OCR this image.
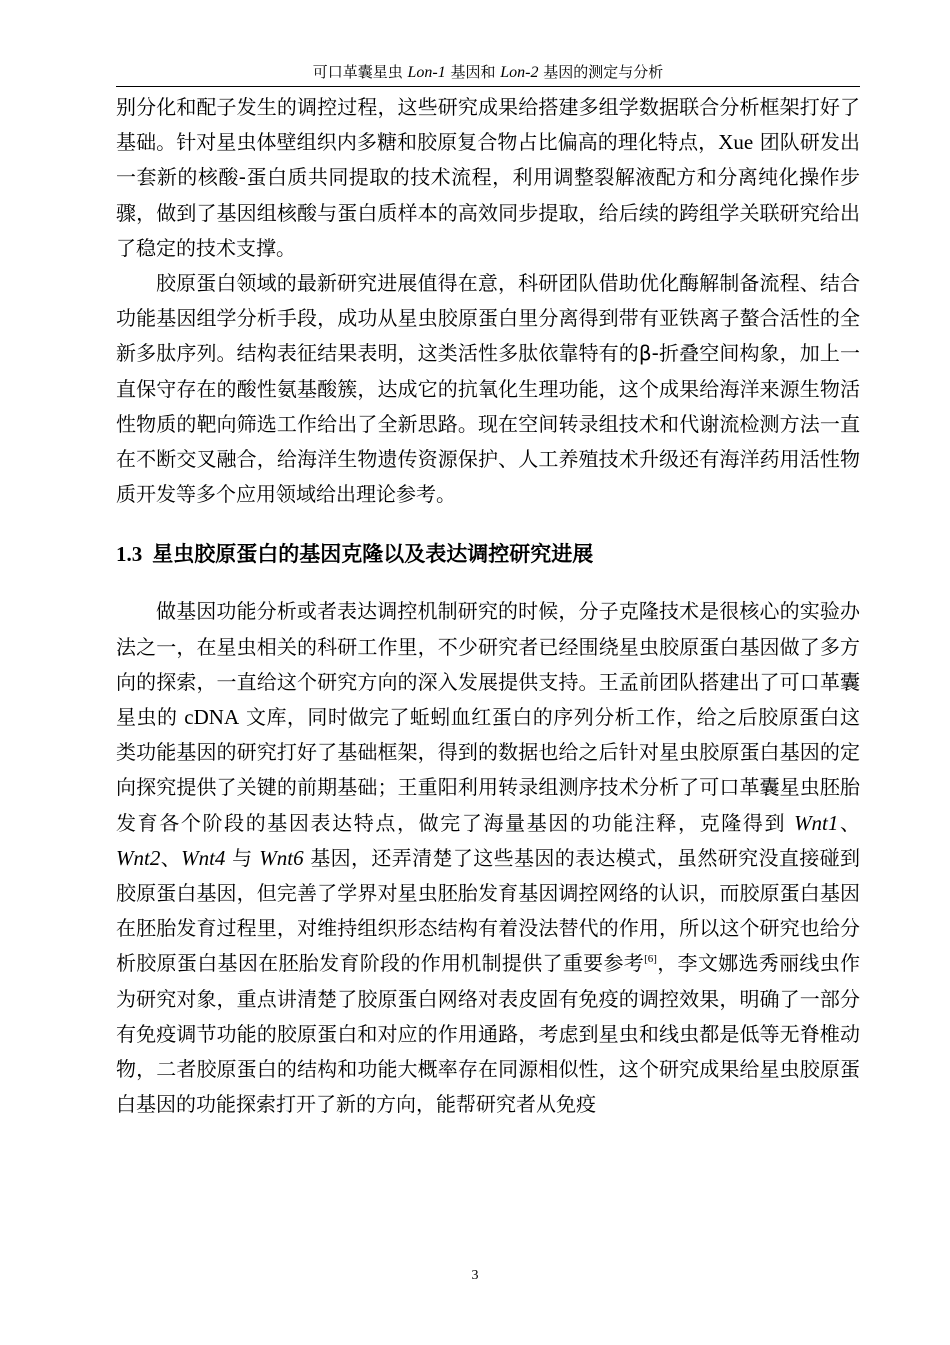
可口革囊星虫 Lon-1 基因和 Lon-2 基因的测定与分析

别分化和配子发生的调控过程，这些研究成果给搭建多组学数据联合分析框架打好了基础。针对星虫体壁组织内多糖和胶原复合物占比偏高的理化特点，Xue 团队研发出一套新的核酸-蛋白质共同提取的技术流程，利用调整裂解液配方和分离纯化操作步骤，做到了基因组核酸与蛋白质样本的高效同步提取，给后续的跨组学关联研究给出了稳定的技术支撑。

胶原蛋白领域的最新研究进展值得在意，科研团队借助优化酶解制备流程、结合功能基因组学分析手段，成功从星虫胶原蛋白里分离得到带有亚铁离子螯合活性的全新多肽序列。结构表征结果表明，这类活性多肽依靠特有的β-折叠空间构象，加上一直保守存在的酸性氨基酸簇，达成它的抗氧化生理功能，这个成果给海洋来源生物活性物质的靶向筛选工作给出了全新思路。现在空间转录组技术和代谢流检测方法一直在不断交叉融合，给海洋生物遗传资源保护、人工养殖技术升级还有海洋药用活性物质开发等多个应用领域给出理论参考。

1.3 星虫胶原蛋白的基因克隆以及表达调控研究进展

做基因功能分析或者表达调控机制研究的时候，分子克隆技术是很核心的实验办法之一，在星虫相关的科研工作里，不少研究者已经围绕星虫胶原蛋白基因做了多方向的探索，一直给这个研究方向的深入发展提供支持。王孟前团队搭建出了可口革囊星虫的 cDNA 文库，同时做完了蚯蚓血红蛋白的序列分析工作，给之后胶原蛋白这类功能基因的研究打好了基础框架，得到的数据也给之后针对星虫胶原蛋白基因的定向探究提供了关键的前期基础；王重阳利用转录组测序技术分析了可口革囊星虫胚胎发育各个阶段的基因表达特点，做完了海量基因的功能注释，克隆得到 Wnt1、Wnt2、Wnt4 与 Wnt6 基因，还弄清楚了这些基因的表达模式，虽然研究没直接碰到胶原蛋白基因，但完善了学界对星虫胚胎发育基因调控网络的认识，而胶原蛋白基因在胚胎发育过程里，对维持组织形态结构有着没法替代的作用，所以这个研究也给分析胶原蛋白基因在胚胎发育阶段的作用机制提供了重要参考[6]，李文娜选秀丽线虫作为研究对象，重点讲清楚了胶原蛋白网络对表皮固有免疫的调控效果，明确了一部分有免疫调节功能的胶原蛋白和对应的作用通路，考虑到星虫和线虫都是低等无脊椎动物，二者胶原蛋白的结构和功能大概率存在同源相似性，这个研究成果给星虫胶原蛋白基因的功能探索打开了新的方向，能帮研究者从免疫

3
